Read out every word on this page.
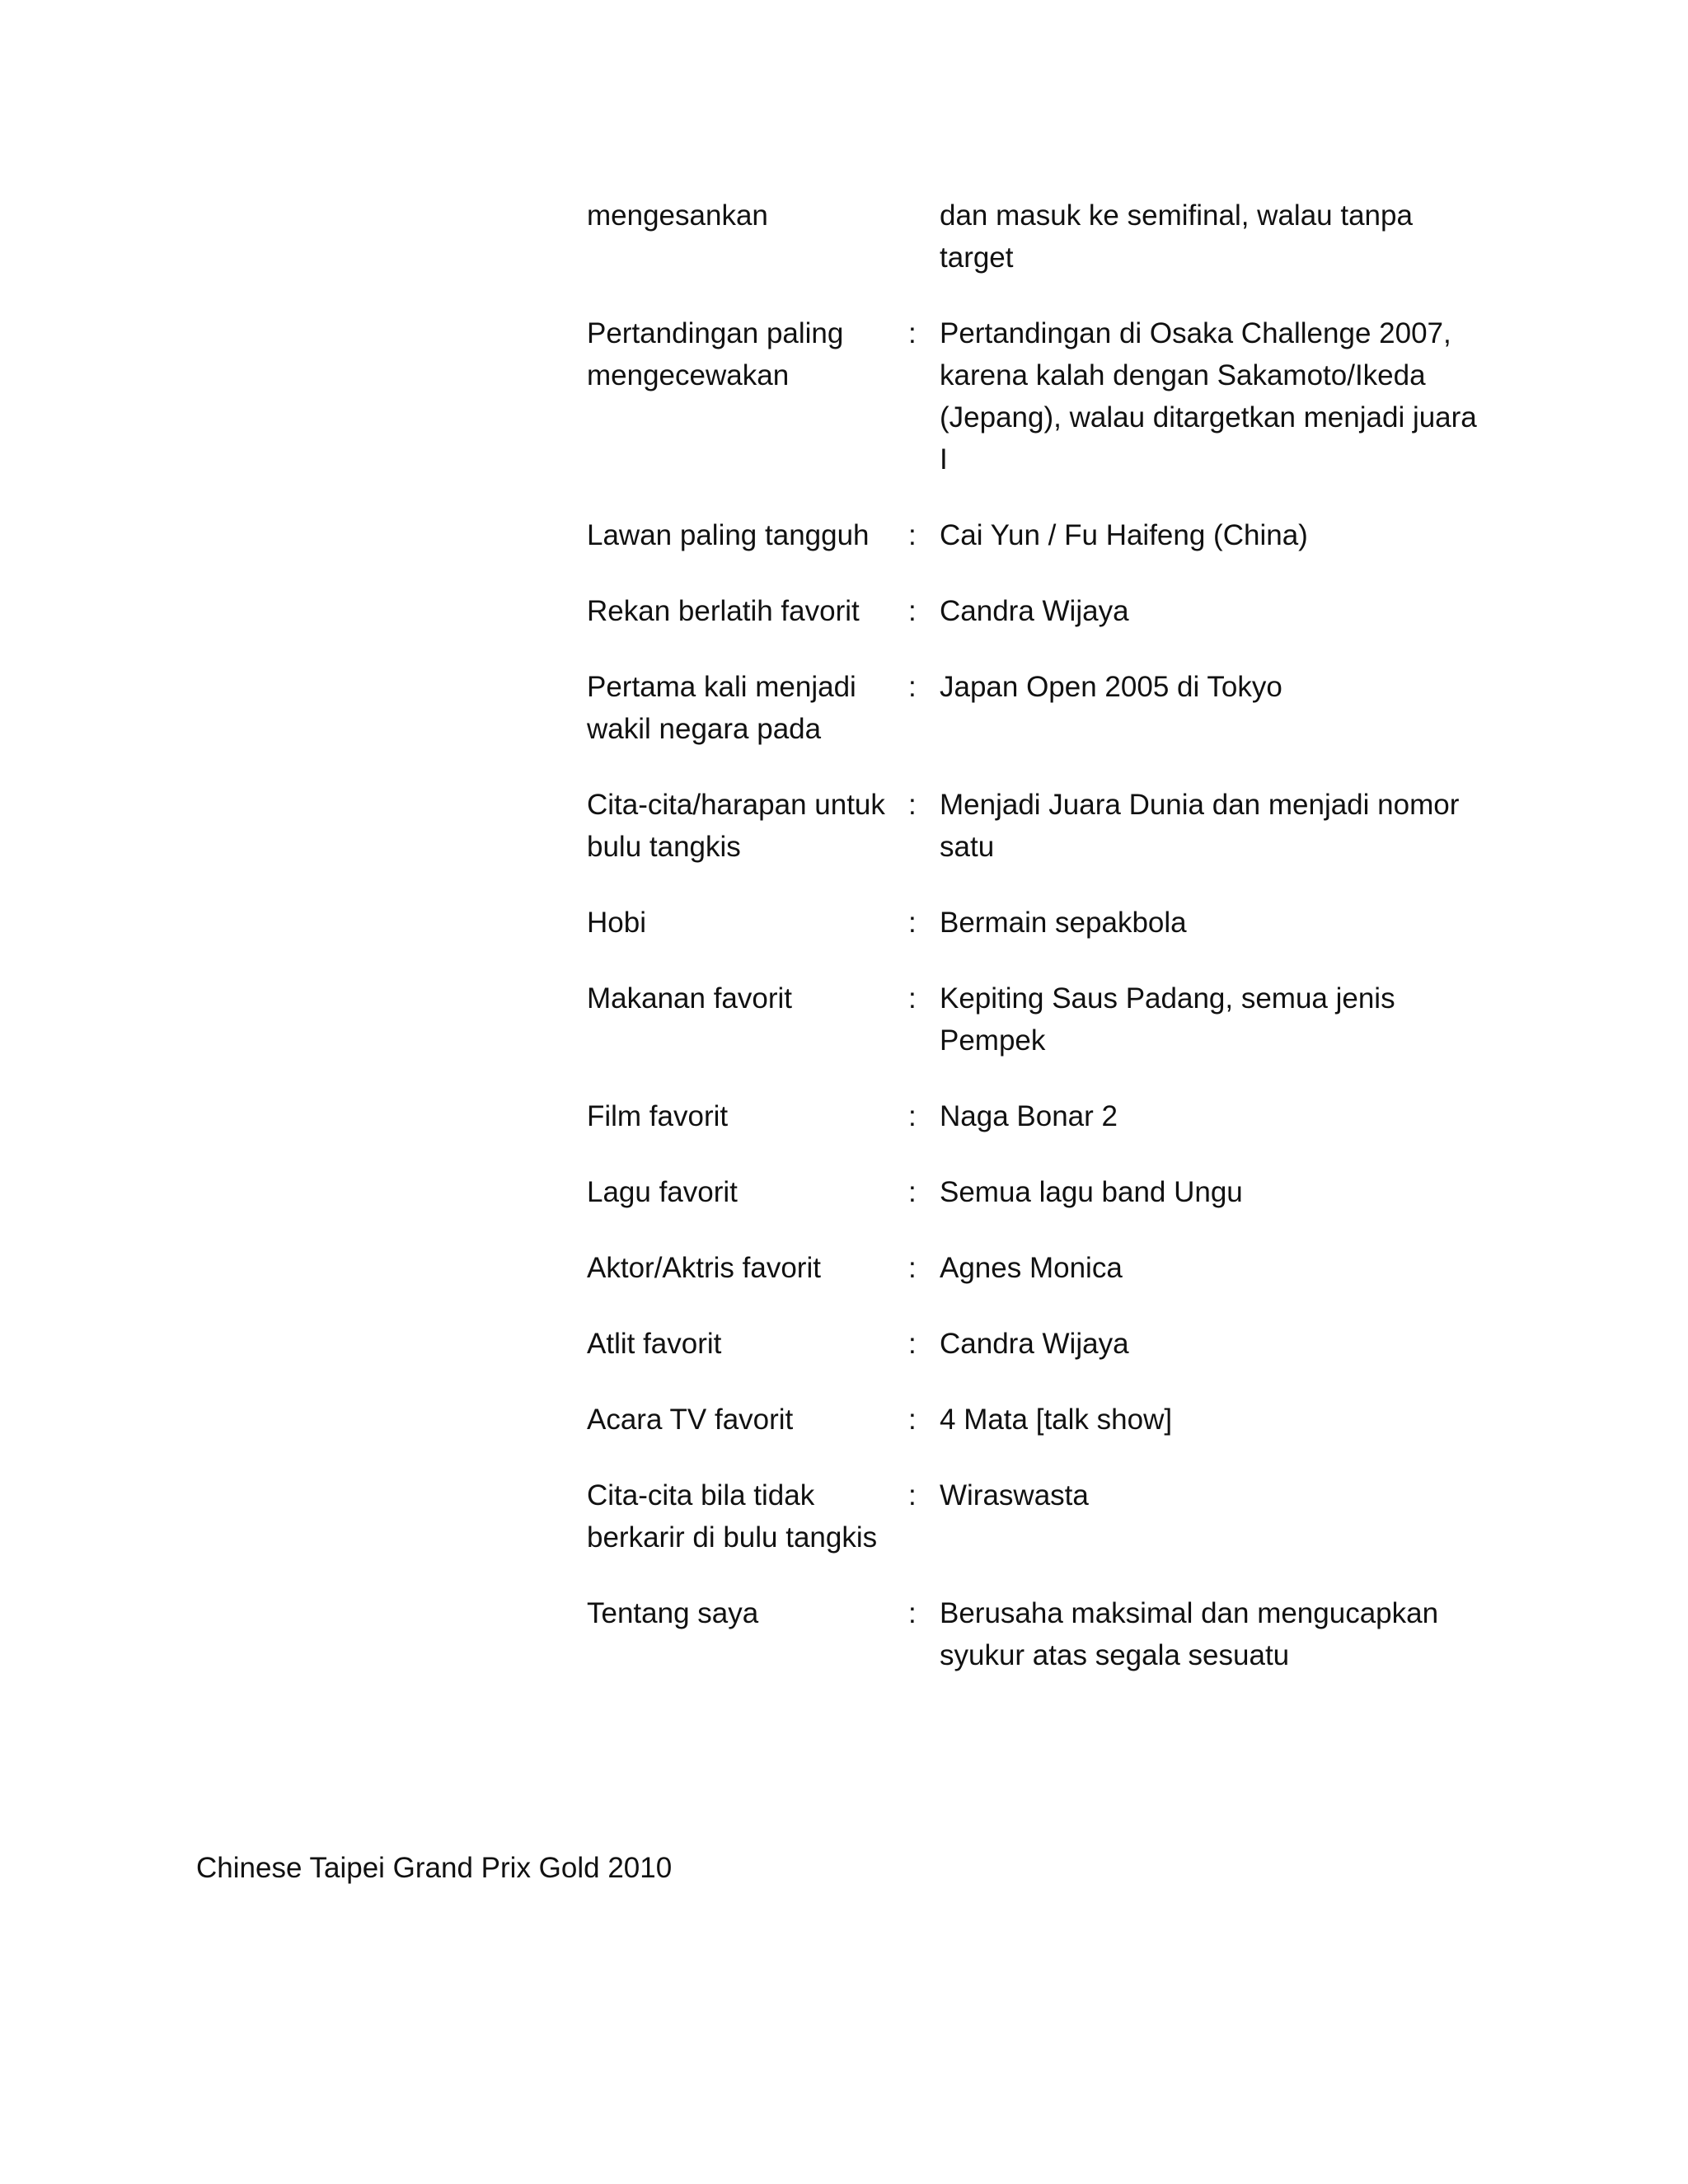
mengesankan	dan masuk ke semifinal, walau tanpa target
Pertandingan paling mengecewakan
: Pertandingan di Osaka Challenge 2007, karena kalah dengan Sakamoto/Ikeda (Jepang), walau ditargetkan menjadi juara I
Lawan paling tangguh	: Cai Yun / Fu Haifeng (China)
Rekan berlatih favorit	: Candra Wijaya
Pertama kali menjadi wakil negara pada
: Japan Open 2005 di Tokyo
Cita-cita/harapan untuk bulu tangkis
: Menjadi Juara Dunia dan menjadi nomor satu
Hobi	: Bermain sepakbola
Makanan favorit	: Kepiting Saus Padang, semua jenis Pempek
Film favorit	: Naga Bonar 2
Lagu favorit	: Semua lagu band Ungu
Aktor/Aktris favorit	: Agnes Monica
Atlit favorit	: Candra Wijaya
Acara TV favorit	: 4 Mata [talk show]
Cita-cita bila tidak berkarir di bulu tangkis
: Wiraswasta
Tentang saya	: Berusaha maksimal dan mengucapkan syukur atas segala sesuatu
Chinese Taipei Grand Prix Gold 2010
